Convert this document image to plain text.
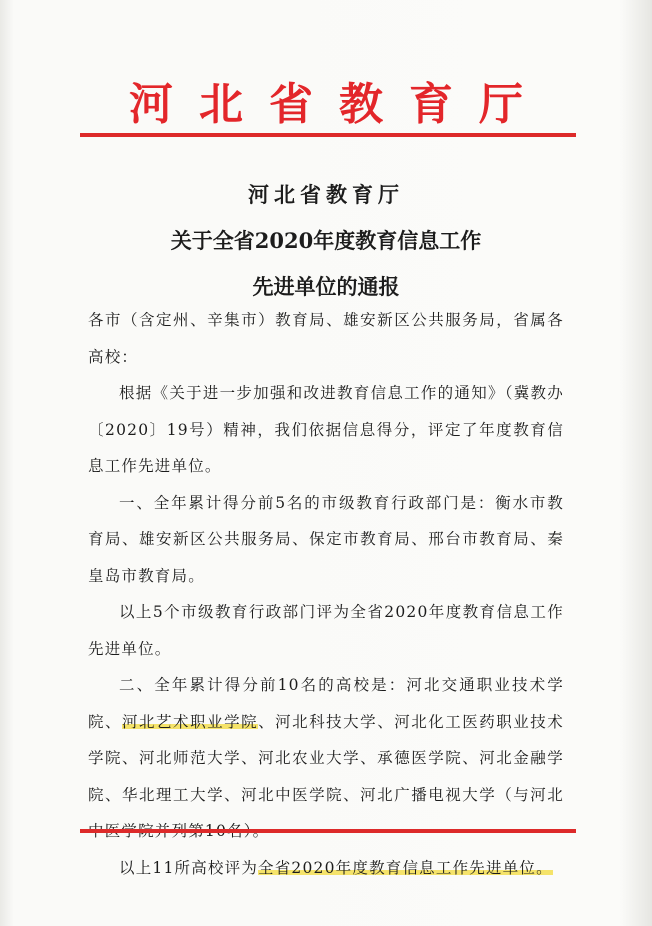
河北省教育厅
河北省教育厅
关于全省2020年度教育信息工作
先进单位的通报

各市（含定州、辛集市）教育局、雄安新区公共服务局，省属各高校：

根据《关于进一步加强和改进教育信息工作的通知》（冀教办〔2020〕19号）精神，我们依据信息得分，评定了年度教育信息工作先进单位。

一、全年累计得分前5名的市级教育行政部门是：衡水市教育局、雄安新区公共服务局、保定市教育局、邢台市教育局、秦皇岛市教育局。

以上5个市级教育行政部门评为全省2020年度教育信息工作先进单位。

二、全年累计得分前10名的高校是：河北交通职业技术学院、河北艺术职业学院、河北科技大学、河北化工医药职业技术学院、河北师范大学、河北农业大学、承德医学院、河北金融学院、华北理工大学、河北中医学院、河北广播电视大学（与河北

以上11所高校评为全省2020年度教育信息工作先进单位。
